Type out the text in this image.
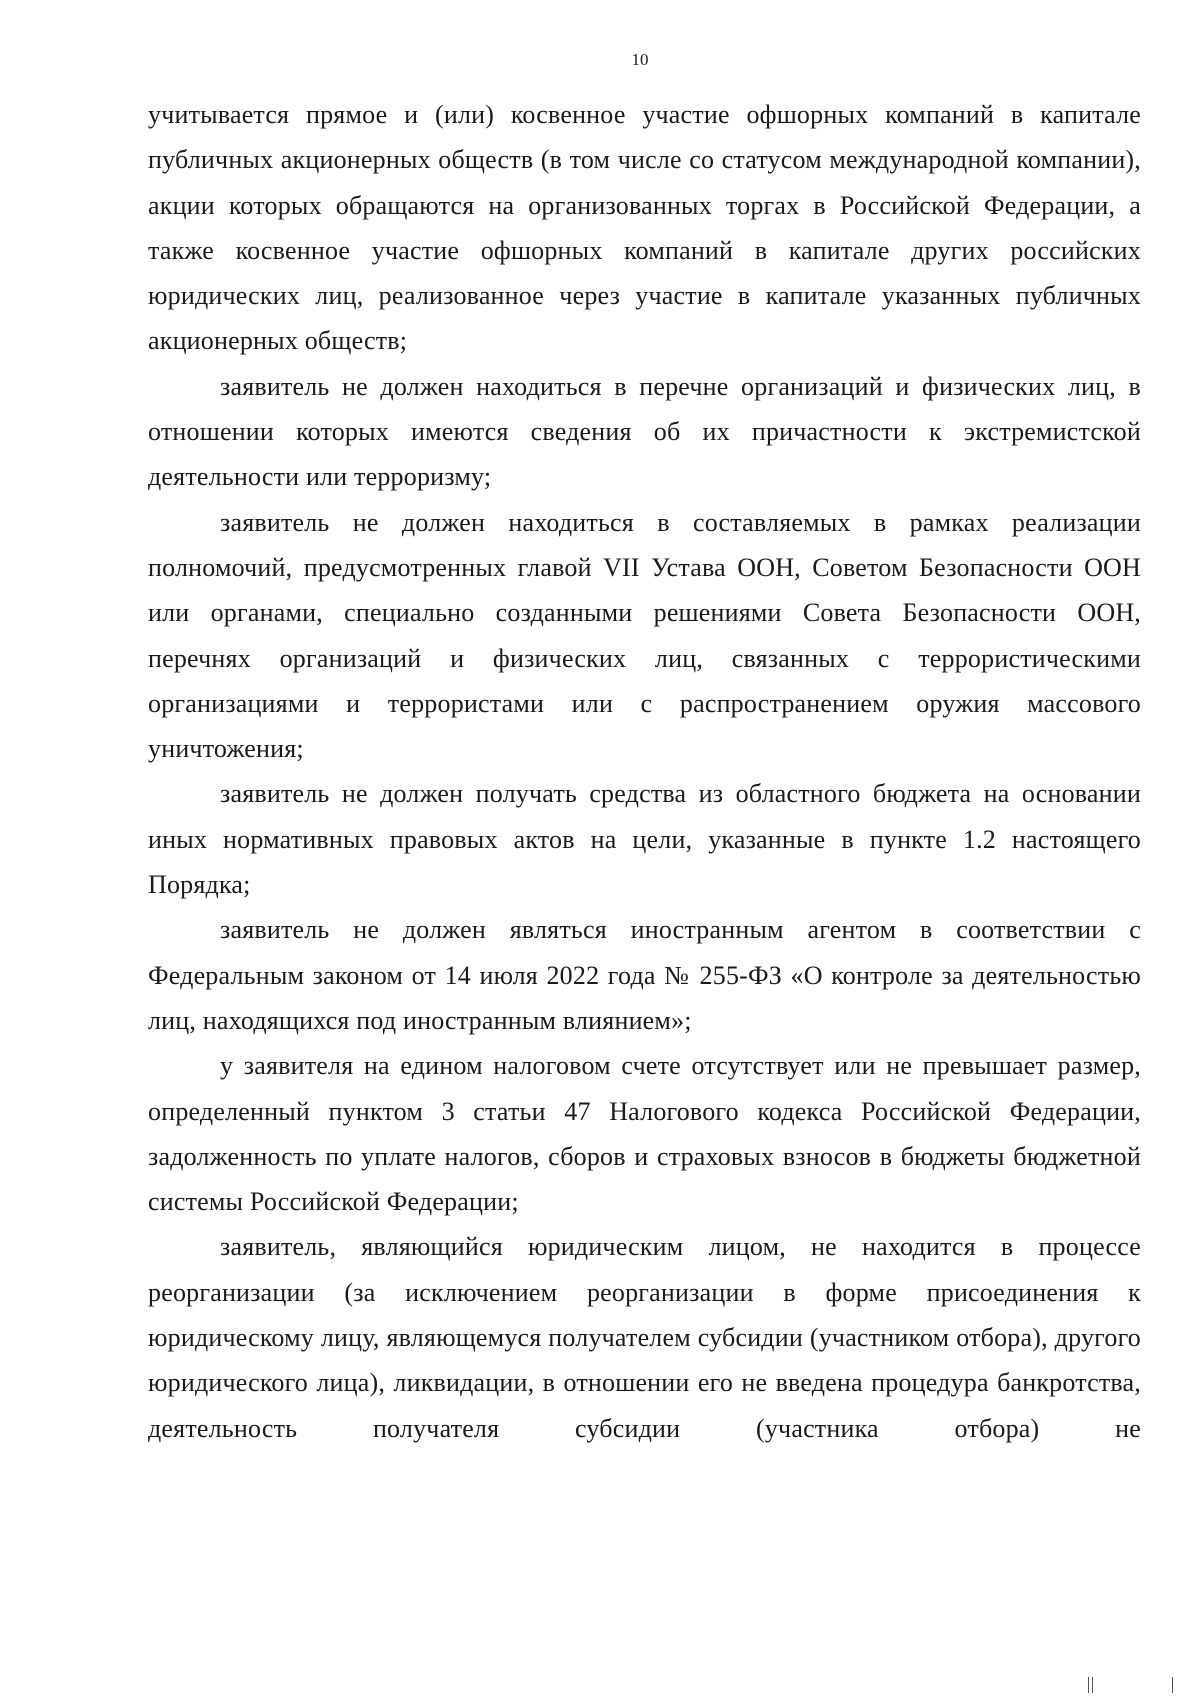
10

учитывается прямое и (или) косвенное участие офшорных компаний в капитале публичных акционерных обществ (в том числе со статусом международной компании), акции которых обращаются на организованных торгах в Российской Федерации, а также косвенное участие офшорных компаний в капитале других российских юридических лиц, реализованное через участие в капитале указанных публичных акционерных обществ;

заявитель не должен находиться в перечне организаций и физических лиц, в отношении которых имеются сведения об их причастности к экстремистской деятельности или терроризму;

заявитель не должен находиться в составляемых в рамках реализации полномочий, предусмотренных главой VII Устава ООН, Советом Безопасности ООН или органами, специально созданными решениями Совета Безопасности ООН, перечнях организаций и физических лиц, связанных с террористическими организациями и террористами или с распространением оружия массового уничтожения;

заявитель не должен получать средства из областного бюджета на основании иных нормативных правовых актов на цели, указанные в пункте 1.2 настоящего Порядка;

заявитель не должен являться иностранным агентом в соответствии с Федеральным законом от 14 июля 2022 года № 255-ФЗ «О контроле за деятельностью лиц, находящихся под иностранным влиянием»;

у заявителя на едином налоговом счете отсутствует или не превышает размер, определенный пунктом 3 статьи 47 Налогового кодекса Российской Федерации, задолженность по уплате налогов, сборов и страховых взносов в бюджеты бюджетной системы Российской Федерации;

заявитель, являющийся юридическим лицом, не находится в процессе реорганизации (за исключением реорганизации в форме присоединения к юридическому лицу, являющемуся получателем субсидии (участником отбора), другого юридического лица), ликвидации, в отношении его не введена процедура банкротства, деятельность получателя субсидии (участника отбора) не
